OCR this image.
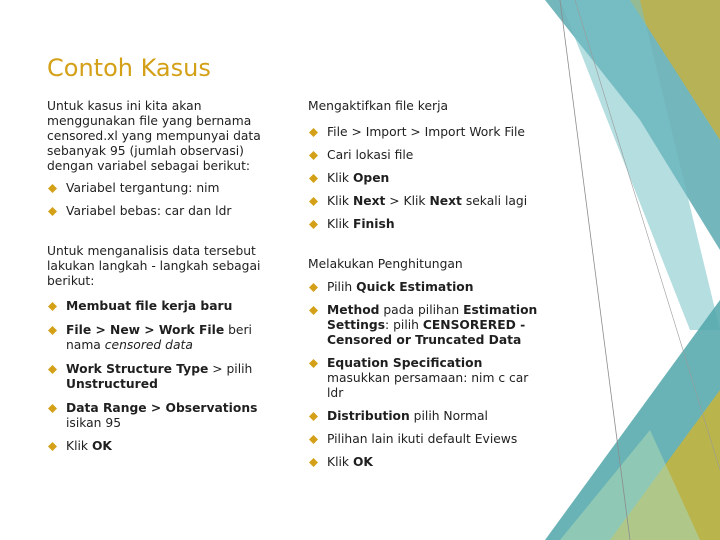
Contoh Kasus

Untuk kasus ini kita akan menggunakan file yang bernama censored.xl yang mempunyai data sebanyak 95 (jumlah observasi) dengan variabel sebagai berikut:

Variabel tergantung: nim
Variabel bebas: car dan ldr

Untuk menganalisis data tersebut lakukan langkah - langkah sebagai berikut:

Membuat file kerja baru
File > New > Work File beri nama censored data
Work Structure Type > pilih Unstructured
Data Range > Observations isikan 95
Klik OK

Mengaktifkan file kerja

File > Import > Import Work File
Cari lokasi file
Klik Open
Klik Next > Klik Next sekali lagi
Klik Finish

Melakukan Penghitungan

Pilih Quick Estimation
Method pada pilihan Estimation Settings: pilih CENSORERED - Censored or Truncated Data
Equation Specification masukkan persamaan: nim c car ldr
Distribution pilih Normal
Pilihan lain ikuti default Eviews
Klik OK
